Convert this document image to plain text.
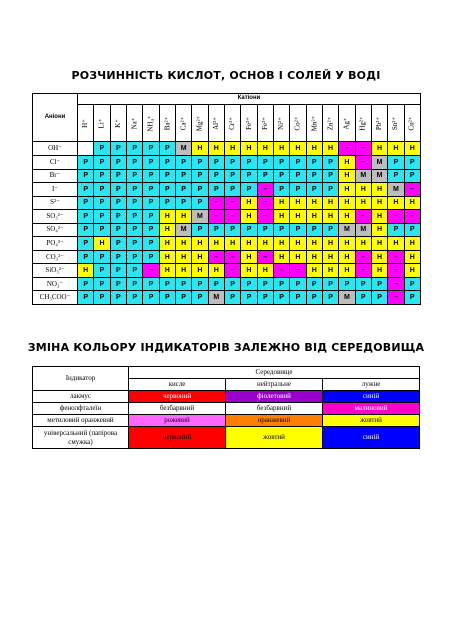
РОЗЧИННІСТЬ КИСЛОТ, ОСНОВ І СОЛЕЙ У ВОДІ
Аніони	Катіони																				
	H⁺	Li⁺	K⁺	Na⁺	NH₄⁺	Ba²⁺	Ca²⁺	Mg²⁺	Al³⁺	Cr³⁺	Fe²⁺	Fe³⁺	Ni²⁺	Co²⁺	Mn²⁺	Zn²⁺	Ag⁺	Hg²⁺	Pb²⁺	Sn²⁺	Cu²⁺
OH⁻		P	P	P	P	P	M	H	H	H	H	H	H	H	H	H	–	–	H	H	H
Cl⁻	P	P	P	P	P	P	P	P	P	P	P	P	P	P	P	P	H	–	M	P	P
Br⁻	P	P	P	P	P	P	P	P	P	P	P	P	P	P	P	P	H	M	M	P	P
I⁻	P	P	P	P	P	P	P	P	P	P	P	–	P	P	P	P	H	H	H	M	–
S²⁻	P	P	P	P	P	P	P	P	–	–	H	–	H	H	H	H	H	H	H	H	H
SO₃²⁻	P	P	P	P	P	H	H	M	–	–	H	–	H	H	H	H	H	–	H	–	–
SO₄²⁻	P	P	P	P	P	H	M	P	P	P	P	P	P	P	P	P	M	M	H	P	P
PO₄³⁻	P	H	P	P	P	H	H	H	H	H	H	H	H	H	H	H	H	H	H	H	H
CO₃²⁻	P	P	P	P	P	H	H	H	–	–	H	–	H	H	H	H	H	–	H	–	H
SiO₃²⁻	H	P	P	P	–	H	H	H	H	–	H	H	–	–	H	H	H	–	H	–	H
NO₃⁻	P	P	P	P	P	P	P	P	P	P	P	P	P	P	P	P	P	P	P	–	P
CH₃COO⁻	P	P	P	P	P	P	P	P	M	P	P	P	P	P	P	P	M	P	P	–	P
ЗМІНА КОЛЬОРУ ІНДИКАТОРІВ ЗАЛЕЖНО ВІД СЕРЕДОВИЩА
Індикатор	Середовище		
	кисле	нейтральне	лужне
лакмус	червоний	фіолетовий	синій
фенолфталеїн	безбарвний	безбарвний	малиновий
метиловий оранжевий	рожевий	оранжевий	жовтий
універсальний (папірова смужка)	червоний	жовтий	синій
